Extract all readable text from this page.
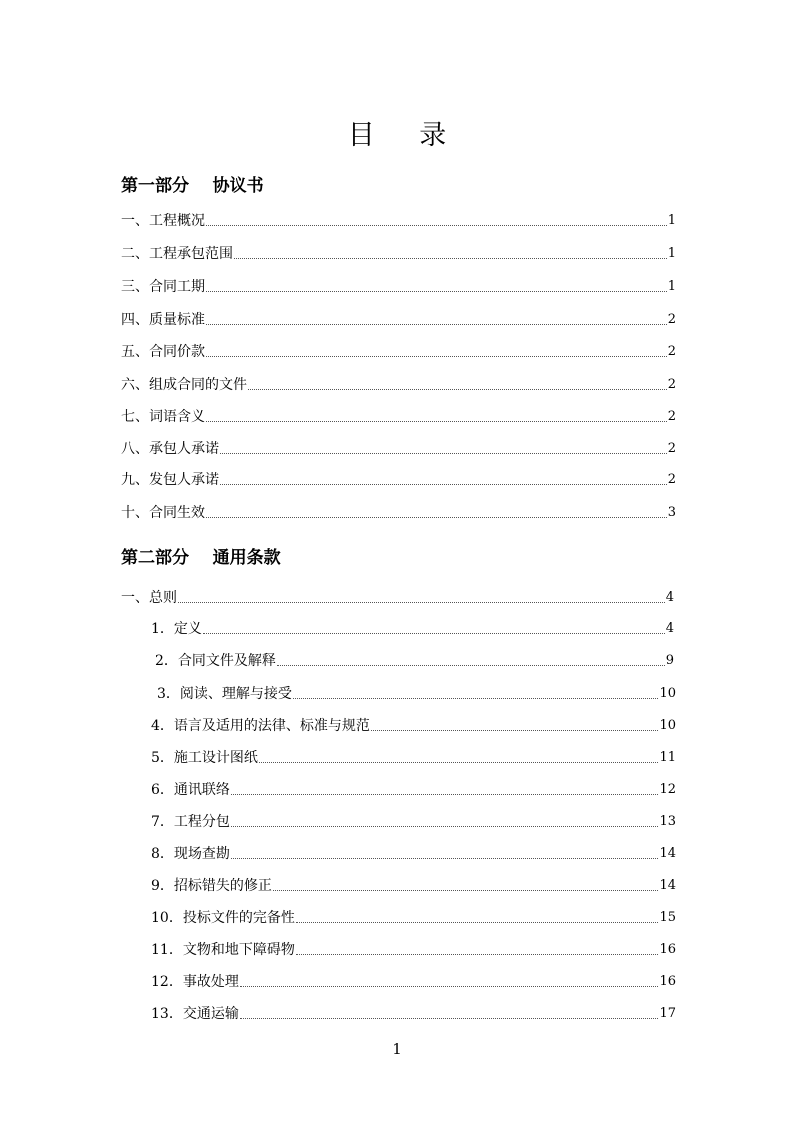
目 录
第一部分    协议书
一、工程概况	1
二、工程承包范围	1
三、合同工期	1
四、质量标准	2
五、合同价款	2
六、组成合同的文件	2
七、词语含义	2
八、承包人承诺	2
九、发包人承诺	2
十、合同生效	3
第二部分    通用条款
一、总则	4
1．定义	4
2．合同文件及解释	9
3．阅读、理解与接受	10
4．语言及适用的法律、标准与规范	10
5．施工设计图纸	11
6．通讯联络	12
7．工程分包	13
8．现场查勘	14
9．招标错失的修正	14
10．投标文件的完备性	15
11．文物和地下障碍物	16
12．事故处理	16
13．交通运输	17
1
